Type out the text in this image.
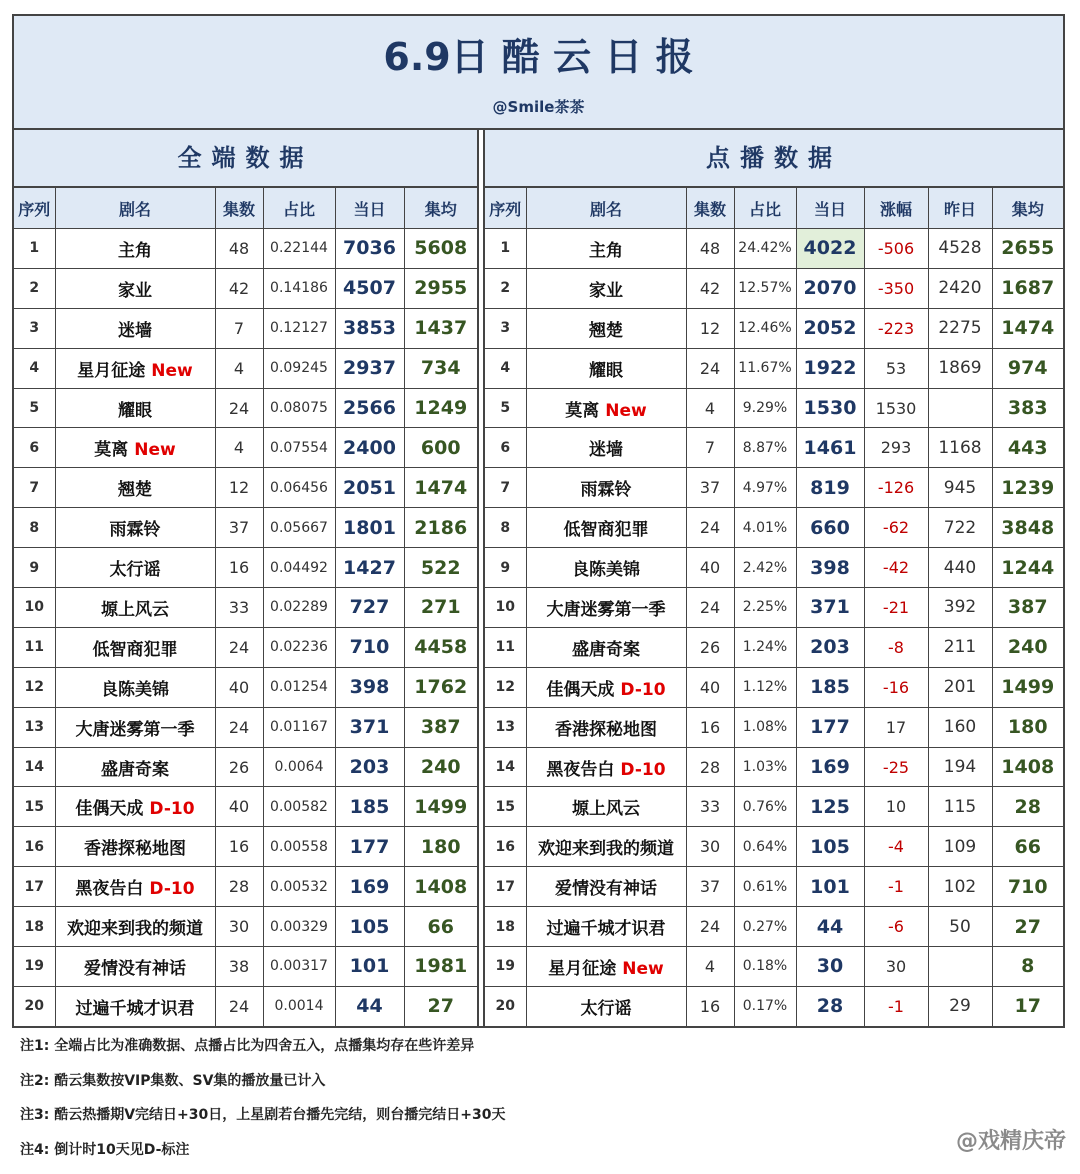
6.9日 酷 云 日 报
@Smile茶茶
全端数据
序列	剧名	集数	占比	当日	集均
1	主角	48	0.22144	7036	5608
2	家业	42	0.14186	4507	2955
3	迷墙	7	0.12127	3853	1437
4	星月征途 New	4	0.09245	2937	734
5	耀眼	24	0.08075	2566	1249
6	莫离 New	4	0.07554	2400	600
7	翘楚	12	0.06456	2051	1474
8	雨霖铃	37	0.05667	1801	2186
9	太行谣	16	0.04492	1427	522
10	塬上风云	33	0.02289	727	271
11	低智商犯罪	24	0.02236	710	4458
12	良陈美锦	40	0.01254	398	1762
13	大唐迷雾第一季	24	0.01167	371	387
14	盛唐奇案	26	0.0064	203	240
15	佳偶天成 D-10	40	0.00582	185	1499
16	香港探秘地图	16	0.00558	177	180
17	黑夜告白 D-10	28	0.00532	169	1408
18	欢迎来到我的频道	30	0.00329	105	66
19	爱情没有神话	38	0.00317	101	1981
20	过遍千城才识君	24	0.0014	44	27
点播数据
序列	剧名	集数	占比	当日	涨幅	昨日	集均
1	主角	48	24.42%	4022	-506	4528	2655
2	家业	42	12.57%	2070	-350	2420	1687
3	翘楚	12	12.46%	2052	-223	2275	1474
4	耀眼	24	11.67%	1922	53	1869	974
5	莫离 New	4	9.29%	1530	1530		383
6	迷墙	7	8.87%	1461	293	1168	443
7	雨霖铃	37	4.97%	819	-126	945	1239
8	低智商犯罪	24	4.01%	660	-62	722	3848
9	良陈美锦	40	2.42%	398	-42	440	1244
10	大唐迷雾第一季	24	2.25%	371	-21	392	387
11	盛唐奇案	26	1.24%	203	-8	211	240
12	佳偶天成 D-10	40	1.12%	185	-16	201	1499
13	香港探秘地图	16	1.08%	177	17	160	180
14	黑夜告白 D-10	28	1.03%	169	-25	194	1408
15	塬上风云	33	0.76%	125	10	115	28
16	欢迎来到我的频道	30	0.64%	105	-4	109	66
17	爱情没有神话	37	0.61%	101	-1	102	710
18	过遍千城才识君	24	0.27%	44	-6	50	27
19	星月征途 New	4	0.18%	30	30		8
20	太行谣	16	0.17%	28	-1	29	17
注1: 全端占比为准确数据、点播占比为四舍五入，点播集均存在些许差异
注2: 酷云集数按VIP集数、SV集的播放量已计入
注3: 酷云热播期V完结日+30日，上星剧若台播先完结，则台播完结日+30天
注4: 倒计时10天见D-标注	@戏精庆帝
